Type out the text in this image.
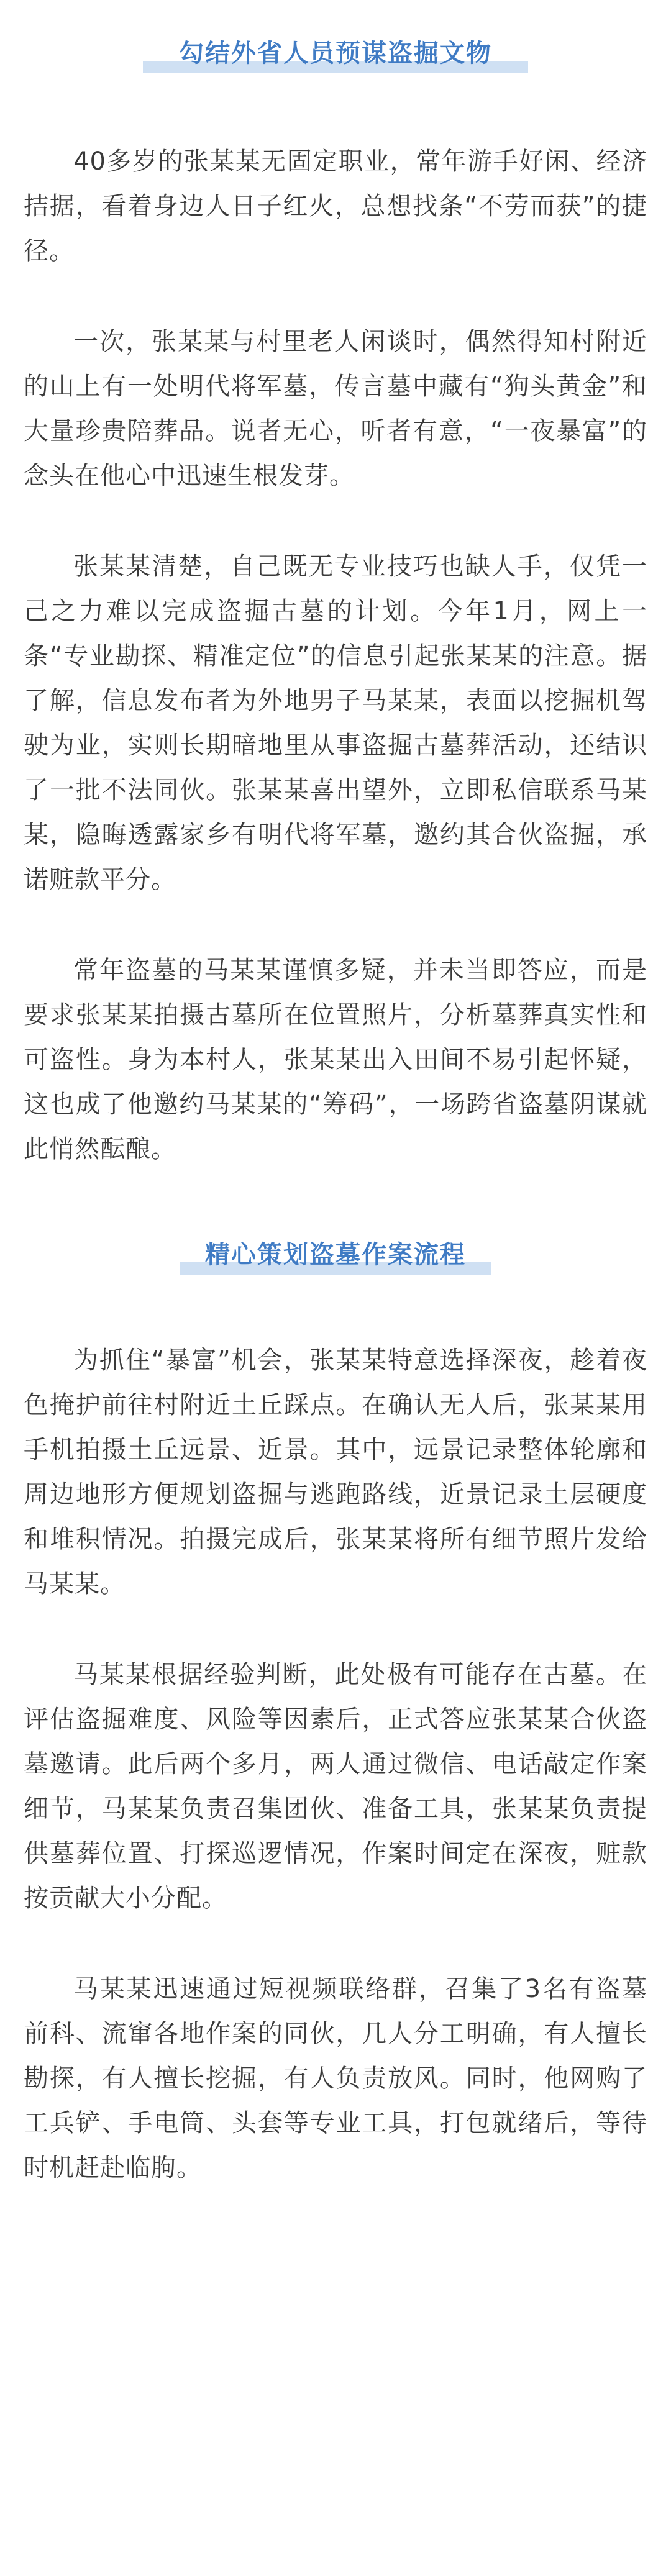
勾结外省人员预谋盗掘文物

40多岁的张某某无固定职业，常年游手好闲、经济拮据，看着身边人日子红火，总想找条“不劳而获”的捷径。

一次，张某某与村里老人闲谈时，偶然得知村附近的山上有一处明代将军墓，传言墓中藏有“狗头黄金”和大量珍贵陪葬品。说者无心，听者有意，“一夜暴富”的念头在他心中迅速生根发芽。

张某某清楚，自己既无专业技巧也缺人手，仅凭一己之力难以完成盗掘古墓的计划。今年1月，网上一条“专业勘探、精准定位”的信息引起张某某的注意。据了解，信息发布者为外地男子马某某，表面以挖掘机驾驶为业，实则长期暗地里从事盗掘古墓葬活动，还结识了一批不法同伙。张某某喜出望外，立即私信联系马某某，隐晦透露家乡有明代将军墓，邀约其合伙盗掘，承诺赃款平分。

常年盗墓的马某某谨慎多疑，并未当即答应，而是要求张某某拍摄古墓所在位置照片，分析墓葬真实性和可盗性。身为本村人，张某某出入田间不易引起怀疑，这也成了他邀约马某某的“筹码”，一场跨省盗墓阴谋就此悄然酝酿。

精心策划盗墓作案流程

为抓住“暴富”机会，张某某特意选择深夜，趁着夜色掩护前往村附近土丘踩点。在确认无人后，张某某用手机拍摄土丘远景、近景。其中，远景记录整体轮廓和周边地形方便规划盗掘与逃跑路线，近景记录土层硬度和堆积情况。拍摄完成后，张某某将所有细节照片发给马某某。

马某某根据经验判断，此处极有可能存在古墓。在评估盗掘难度、风险等因素后，正式答应张某某合伙盗墓邀请。此后两个多月，两人通过微信、电话敲定作案细节，马某某负责召集团伙、准备工具，张某某负责提供墓葬位置、打探巡逻情况，作案时间定在深夜，赃款按贡献大小分配。

马某某迅速通过短视频联络群，召集了3名有盗墓前科、流窜各地作案的同伙，几人分工明确，有人擅长勘探，有人擅长挖掘，有人负责放风。同时，他网购了工兵铲、手电筒、头套等专业工具，打包就绪后，等待时机赶赴临朐。
